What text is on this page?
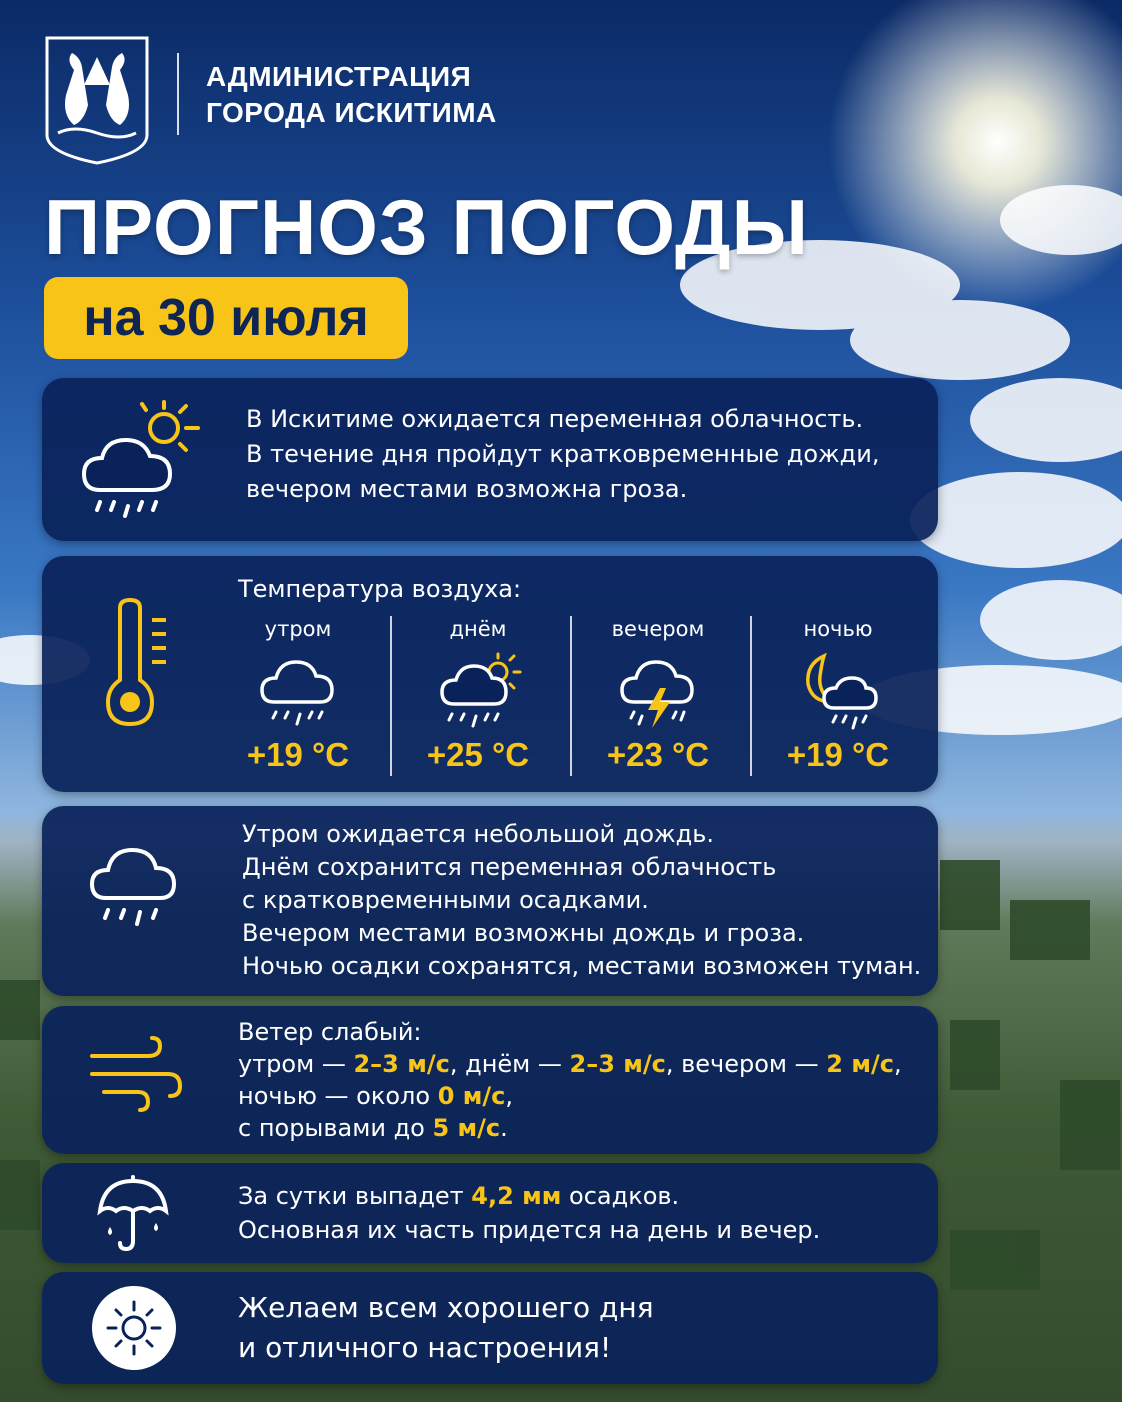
АДМИНИСТРАЦИЯ
ГОРОДА ИСКИТИМА
ПРОГНОЗ ПОГОДЫ
на 30 июля
В Искитиме ожидается переменная облачность.
В течение дня пройдут кратковременные дожди,
вечером местами возможна гроза.
Температура воздуха:
утром
+19 °C
днём
+25 °C
вечером
+23 °C
ночью
+19 °C
Утром ожидается небольшой дождь.
Днём сохранится переменная облачность
с кратковременными осадками.
Вечером местами возможны дождь и гроза.
Ночью осадки сохранятся, местами возможен туман.
Ветер слабый:
утром — 2–3 м/с, днём — 2–3 м/с, вечером — 2 м/с,
ночью — около 0 м/с,
с порывами до 5 м/с.
За сутки выпадет 4,2 мм осадков.
Основная их часть придется на день и вечер.
Желаем всем хорошего дня
и отличного настроения!
